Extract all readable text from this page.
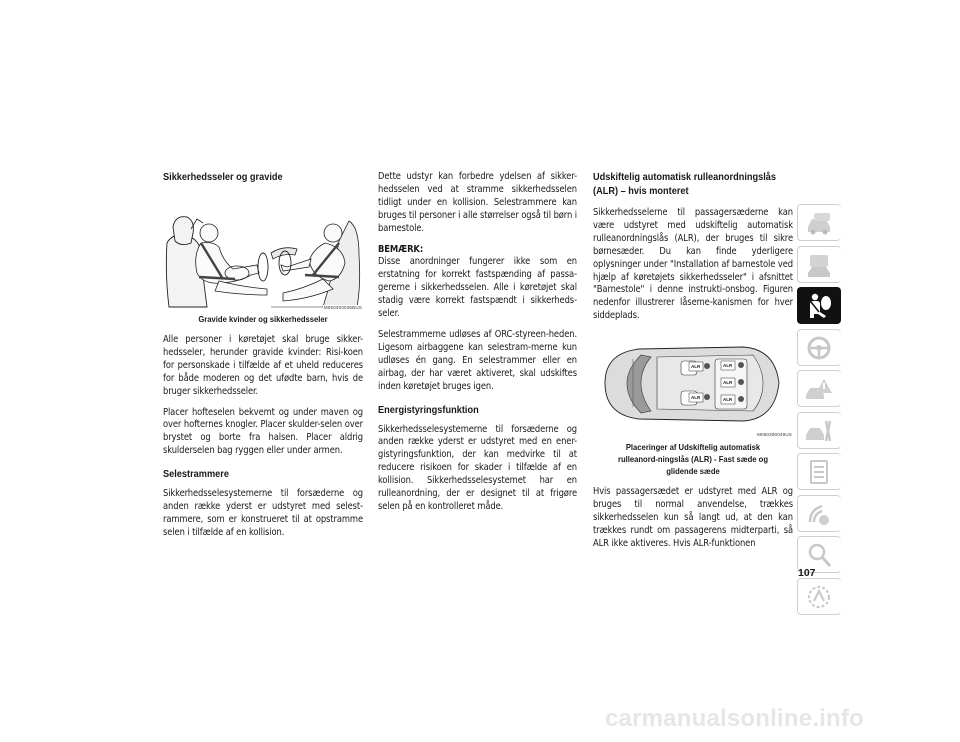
Sikkerhedsseler og gravide
M050300036BUS
Gravide kvinder og sikkerhedsseler

Alle personer i køretøjet skal bruge sikker-hedsseler, herunder gravide kvinder: Risi-koen for personskade i tilfælde af et uheld reduceres for både moderen og det ufødte barn, hvis de bruger sikkerhedsseler.

Placer hofteselen bekvemt og under maven og over hofternes knogler. Placer skulder-selen over brystet og borte fra halsen. Placer aldrig skulderselen bag ryggen eller under armen.

Selestrammere

Sikkerhedsselesystemerne til forsæderne og anden række yderst er udstyret med selest-rammere, som er konstrueret til at opstramme selen i tilfælde af en kollision.

Dette udstyr kan forbedre ydelsen af sikker-hedsselen ved at stramme sikkerhedsselen tidligt under en kollision. Selestrammere kan bruges til personer i alle størrelser også til børn i barnestole.

BEMÆRK:
Disse anordninger fungerer ikke som en erstatning for korrekt fastspænding af passa-gererne i sikkerhedsselen. Alle i køretøjet skal stadig være korrekt fastspændt i sikkerheds-seler.

Selestrammerne udløses af ORC-styreen-heden. Ligesom airbaggene kan selestram-merne kun udløses én gang. En selestrammer eller en airbag, der har været aktiveret, skal udskiftes inden køretøjet bruges igen.

Energistyringsfunktion

Sikkerhedsselesystemerne til forsæderne og anden række yderst er udstyret med en ener-gistyringsfunktion, der kan medvirke til at reducere risikoen for skader i tilfælde af en kollision. Sikkerhedsselesystemet har en rulleanordning, der er designet til at frigøre selen på en kontrolleret måde.

Udskiftelig automatisk rulleanordningslås
(ALR) – hvis monteret

Sikkerhedsselerne til passagersæderne kan være udstyret med udskiftelig automatisk rulleanordningslås (ALR), der bruges til sikre børnesæder. Du kan finde yderligere oplysninger under "Installation af barnestole ved hjælp af køretøjets sikkerhedsseler" i afsnittet "Barnestole" i denne instrukti-onsbog. Figuren nedenfor illustrerer låseme-kanismen for hver siddeplads.

ALR
ALR
ALR
ALR
ALR
M050300049US
Placeringer af Udskiftelig automatisk rulleanord-ningslås (ALR) - Fast sæde og glidende sæde

Hvis passagersædet er udstyret med ALR og bruges til normal anvendelse, trækkes sikkerhedsselen kun så langt ud, at den kan trækkes rundt om passagerens midterparti, så ALR ikke aktiveres. Hvis ALR-funktionen

107
carmanualsonline.info
